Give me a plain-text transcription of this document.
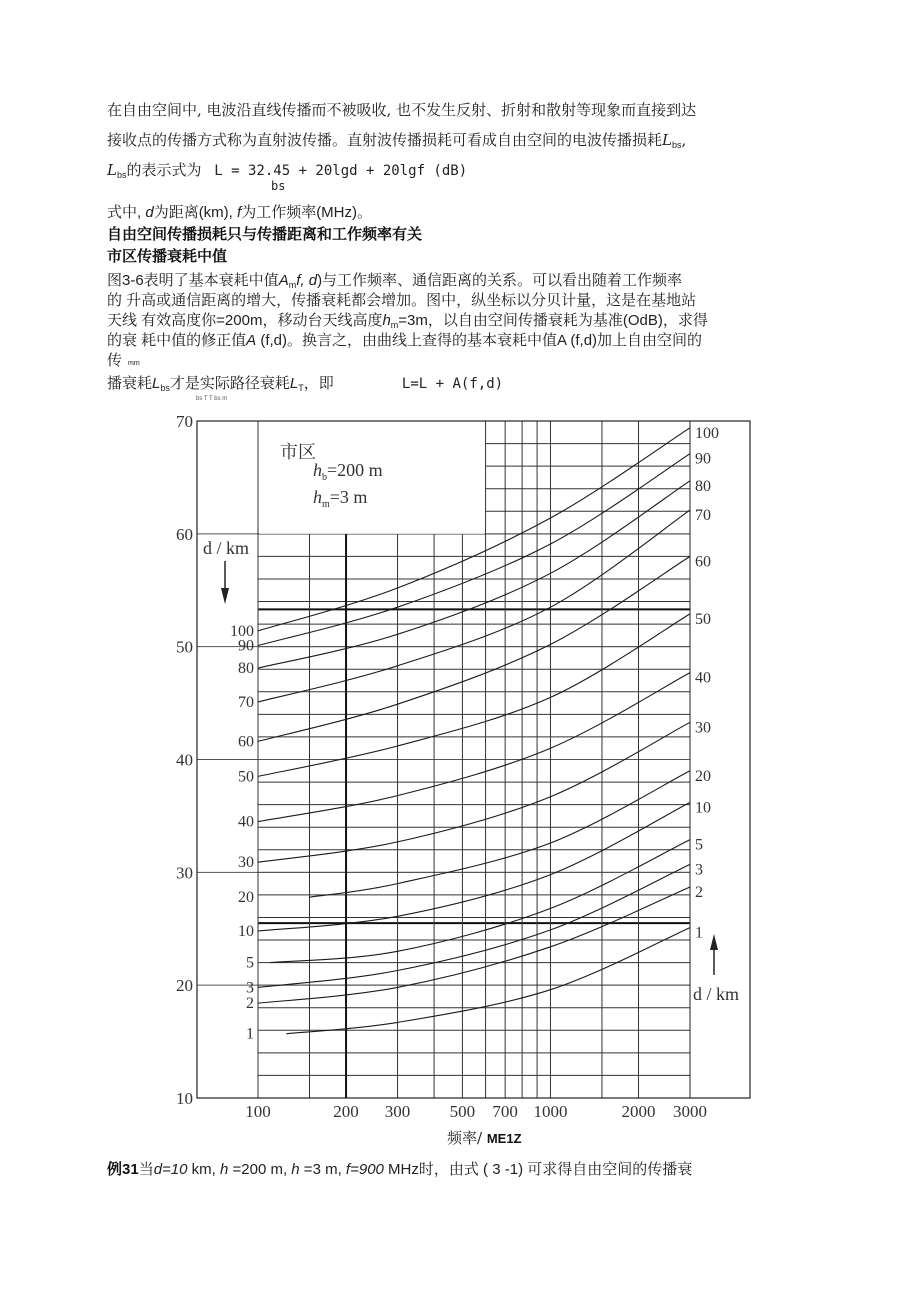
在自由空间中, 电波沿直线传播而不被吸收, 也不发生反射、折射和散射等现象而直接到达
接收点的传播方式称为直射波传播。直射波传播损耗可看成自由空间的电波传播损耗$L_{bs}$,
$L_{bs}$的表示式为 L = 32.45 + 20lgd + 20lgf (dB)
bs
式中, d为距离(km), f为工作频率(MHz)。
自由空间传播损耗只与传播距离和工作频率有关
市区传播衰耗中值
图3-6表明了基本衰耗中值$A_mf$, d)与工作频率、通信距离的关系。可以看出随着工作频率
的 升高或通信距离的增大，传播衰耗都会增加。图中，纵坐标以分贝计量，这是在基地站
天线 有效高度你=200m，移动台天线高度$h_m=3m$，以自由空间传播衰耗为基准(OdB)，求得
的衰 耗中值的修正值A (f,d)。换言之，由曲线上查得的基本衰耗中值A (f,d)加上自由空间的
传mm
播衰耗$L_{bs}$才是实际路径衰耗$L_T$，即	L=L + A(f,d)
bs T T bs m
市区
$h_b=200$ m
$h_m=3$ m
70
60
50
40
30
20
10
100	200 300 500 700 1000	2000 3000
100
90
80
70
60
50
40
30
20
10
5
3
2
1
100
90
80
70
60
50
40
30
20
10
5
3
2
1
d / km
d / km
频率/ ME1Z
例31当d=10 km, h =200 m, h =3 m, f=900 MHz时，由式 ( 3 -1) 可求得自由空间的传播衰
